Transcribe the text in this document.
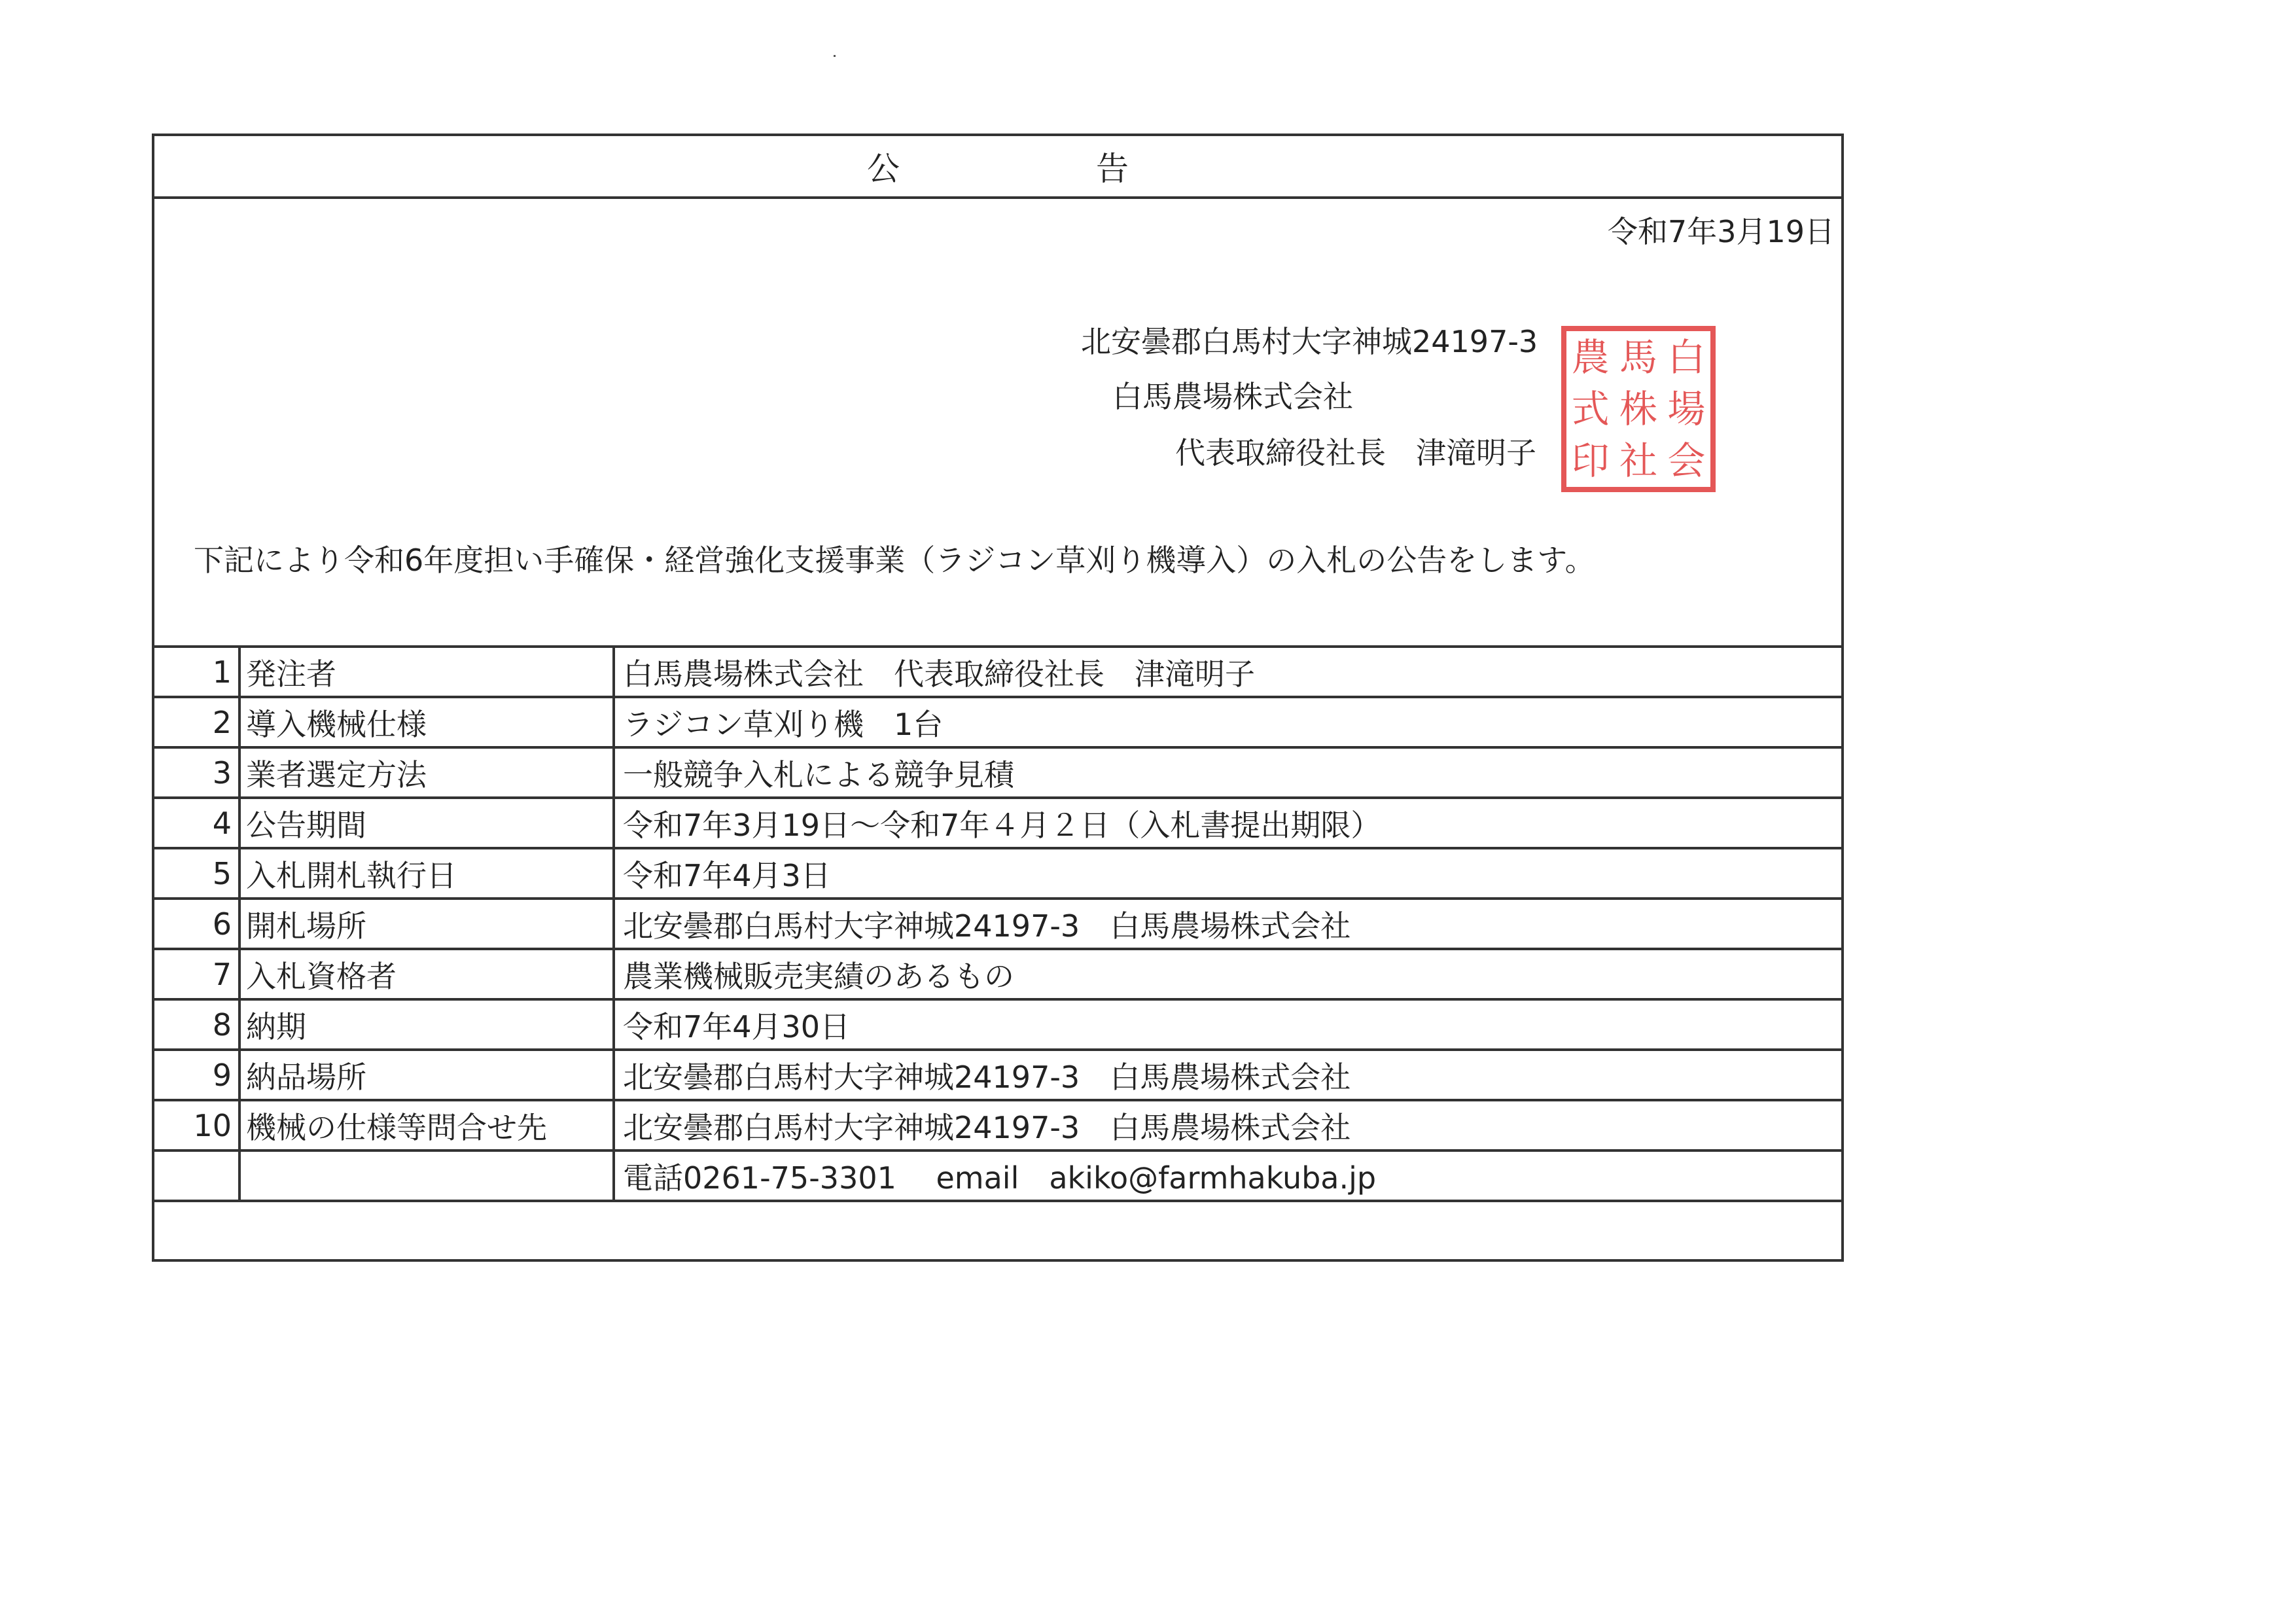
公告
令和7年3月19日
北安曇郡白馬村大字神城24197-3
白馬農場株式会社
代表取締役社長　津滝明子
農 馬 白
式 株 場
印 社 会
下記により令和6年度担い手確保・経営強化支援事業（ラジコン草刈り機導入）の入札の公告をします。
1	発注者	白馬農場株式会社　代表取締役社長　津滝明子
2	導入機械仕様	ラジコン草刈り機　1台
3	業者選定方法	一般競争入札による競争見積
4	公告期間	令和7年3月19日～令和7年４月２日（入札書提出期限）
5	入札開札執行日	令和7年4月3日
6	開札場所	北安曇郡白馬村大字神城24197-3　白馬農場株式会社
7	入札資格者	農業機械販売実績のあるもの
8	納期	令和7年4月30日
9	納品場所	北安曇郡白馬村大字神城24197-3　白馬農場株式会社
10	機械の仕様等問合せ先	北安曇郡白馬村大字神城24197-3　白馬農場株式会社
		電話0261-75-3301　 email　akiko@farmhakuba.jp
